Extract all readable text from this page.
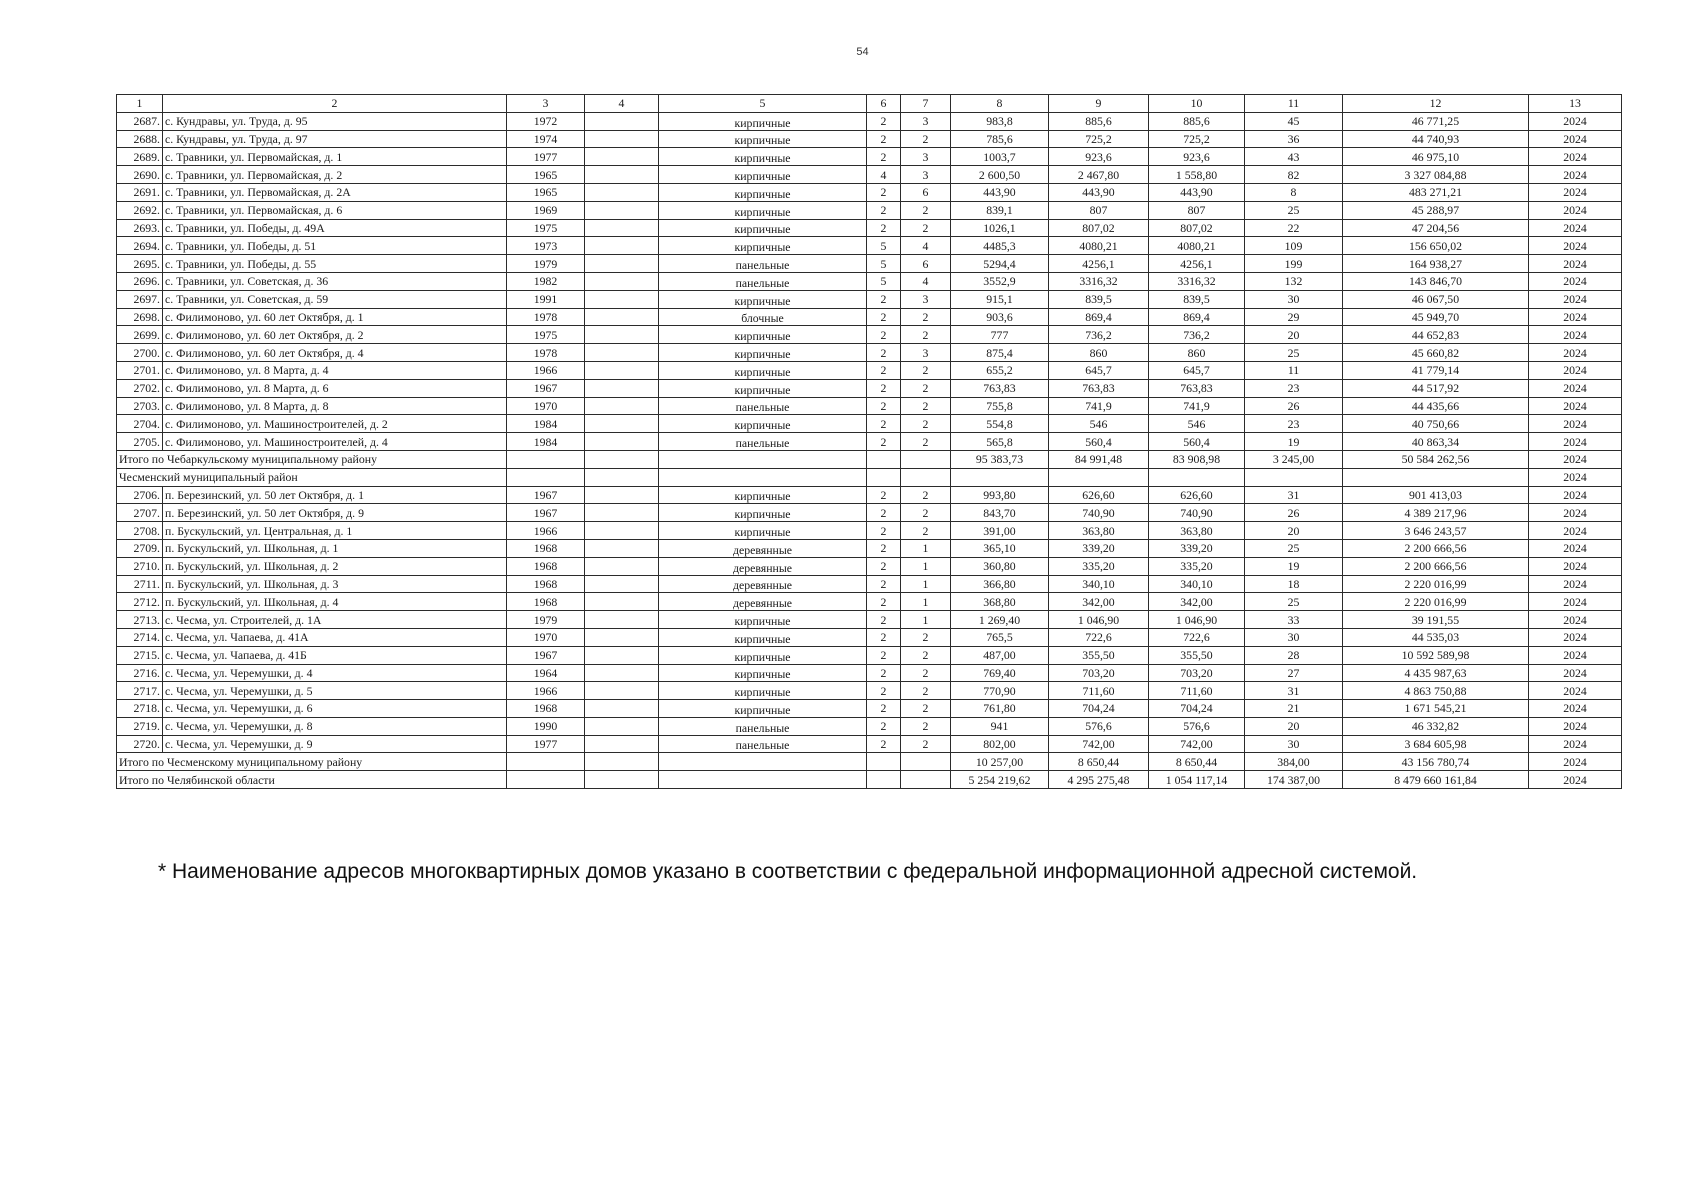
54
1	2	3	4	5	6	7	8	9	10	11	12	13
2687.	с. Кундравы, ул. Труда, д. 95	1972		кирпичные	2	3	983,8	885,6	885,6	45	46 771,25	2024
2688.	с. Кундравы, ул. Труда, д. 97	1974		кирпичные	2	2	785,6	725,2	725,2	36	44 740,93	2024
2689.	с. Травники, ул. Первомайская, д. 1	1977		кирпичные	2	3	1003,7	923,6	923,6	43	46 975,10	2024
2690.	с. Травники, ул. Первомайская, д. 2	1965		кирпичные	4	3	2 600,50	2 467,80	1 558,80	82	3 327 084,88	2024
2691.	с. Травники, ул. Первомайская, д. 2А	1965		кирпичные	2	6	443,90	443,90	443,90	8	483 271,21	2024
2692.	с. Травники, ул. Первомайская, д. 6	1969		кирпичные	2	2	839,1	807	807	25	45 288,97	2024
2693.	с. Травники, ул. Победы, д. 49А	1975		кирпичные	2	2	1026,1	807,02	807,02	22	47 204,56	2024
2694.	с. Травники, ул. Победы, д. 51	1973		кирпичные	5	4	4485,3	4080,21	4080,21	109	156 650,02	2024
2695.	с. Травники, ул. Победы, д. 55	1979		панельные	5	6	5294,4	4256,1	4256,1	199	164 938,27	2024
2696.	с. Травники, ул. Советская, д. 36	1982		панельные	5	4	3552,9	3316,32	3316,32	132	143 846,70	2024
2697.	с. Травники, ул. Советская, д. 59	1991		кирпичные	2	3	915,1	839,5	839,5	30	46 067,50	2024
2698.	с. Филимоново, ул. 60 лет Октября, д. 1	1978		блочные	2	2	903,6	869,4	869,4	29	45 949,70	2024
2699.	с. Филимоново, ул. 60 лет Октября, д. 2	1975		кирпичные	2	2	777	736,2	736,2	20	44 652,83	2024
2700.	с. Филимоново, ул. 60 лет Октября, д. 4	1978		кирпичные	2	3	875,4	860	860	25	45 660,82	2024
2701.	с. Филимоново, ул. 8 Марта, д. 4	1966		кирпичные	2	2	655,2	645,7	645,7	11	41 779,14	2024
2702.	с. Филимоново, ул. 8 Марта, д. 6	1967		кирпичные	2	2	763,83	763,83	763,83	23	44 517,92	2024
2703.	с. Филимоново, ул. 8 Марта, д. 8	1970		панельные	2	2	755,8	741,9	741,9	26	44 435,66	2024
2704.	с. Филимоново, ул. Машиностроителей, д. 2	1984		кирпичные	2	2	554,8	546	546	23	40 750,66	2024
2705.	с. Филимоново, ул. Машиностроителей, д. 4	1984		панельные	2	2	565,8	560,4	560,4	19	40 863,34	2024
Итого по Чебаркульскому муниципальному району							95 383,73	84 991,48	83 908,98	3 245,00	50 584 262,56	2024
Чесменский муниципальный район												2024
2706.	п. Березинский, ул. 50 лет Октября, д. 1	1967		кирпичные	2	2	993,80	626,60	626,60	31	901 413,03	2024
2707.	п. Березинский, ул. 50 лет Октября, д. 9	1967		кирпичные	2	2	843,70	740,90	740,90	26	4 389 217,96	2024
2708.	п. Бускульский, ул. Центральная, д. 1	1966		кирпичные	2	2	391,00	363,80	363,80	20	3 646 243,57	2024
2709.	п. Бускульский, ул. Школьная, д. 1	1968		деревянные	2	1	365,10	339,20	339,20	25	2 200 666,56	2024
2710.	п. Бускульский, ул. Школьная, д. 2	1968		деревянные	2	1	360,80	335,20	335,20	19	2 200 666,56	2024
2711.	п. Бускульский, ул. Школьная, д. 3	1968		деревянные	2	1	366,80	340,10	340,10	18	2 220 016,99	2024
2712.	п. Бускульский, ул. Школьная, д. 4	1968		деревянные	2	1	368,80	342,00	342,00	25	2 220 016,99	2024
2713.	с. Чесма, ул. Строителей, д. 1А	1979		кирпичные	2	1	1 269,40	1 046,90	1 046,90	33	39 191,55	2024
2714.	с. Чесма, ул. Чапаева, д. 41А	1970		кирпичные	2	2	765,5	722,6	722,6	30	44 535,03	2024
2715.	с. Чесма, ул. Чапаева, д. 41Б	1967		кирпичные	2	2	487,00	355,50	355,50	28	10 592 589,98	2024
2716.	с. Чесма, ул. Черемушки, д. 4	1964		кирпичные	2	2	769,40	703,20	703,20	27	4 435 987,63	2024
2717.	с. Чесма, ул. Черемушки, д. 5	1966		кирпичные	2	2	770,90	711,60	711,60	31	4 863 750,88	2024
2718.	с. Чесма, ул. Черемушки, д. 6	1968		кирпичные	2	2	761,80	704,24	704,24	21	1 671 545,21	2024
2719.	с. Чесма, ул. Черемушки, д. 8	1990		панельные	2	2	941	576,6	576,6	20	46 332,82	2024
2720.	с. Чесма, ул. Черемушки, д. 9	1977		панельные	2	2	802,00	742,00	742,00	30	3 684 605,98	2024
Итого по Чесменскому муниципальному району							10 257,00	8 650,44	8 650,44	384,00	43 156 780,74	2024
Итого по Челябинской области							5 254 219,62	4 295 275,48	1 054 117,14	174 387,00	8 479 660 161,84	2024
* Наименование адресов многоквартирных домов указано в соответствии с федеральной информационной адресной системой.
